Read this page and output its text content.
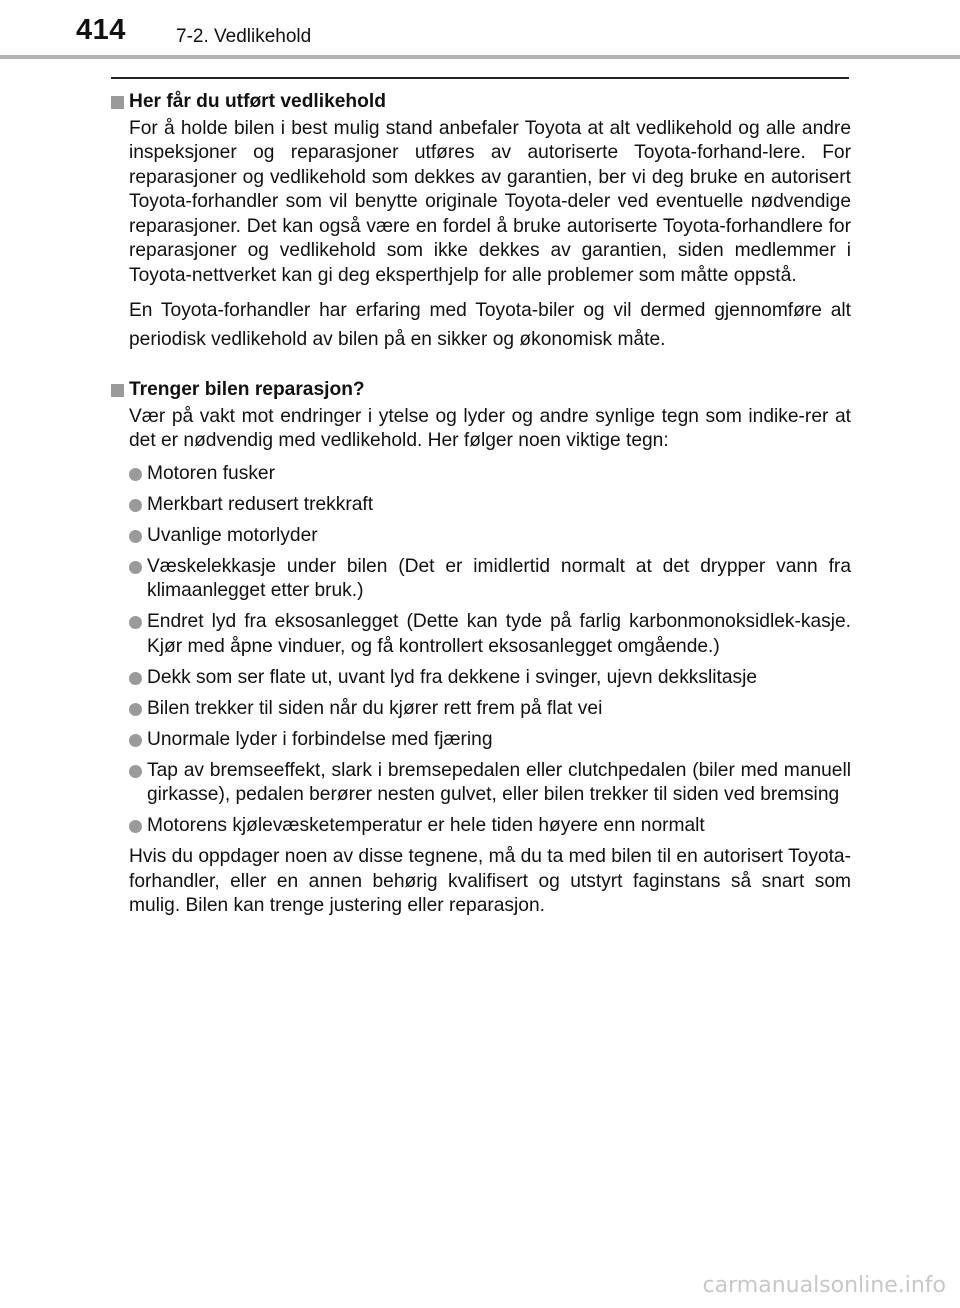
414	7-2. Vedlikehold
Her får du utført vedlikehold

For å holde bilen i best mulig stand anbefaler Toyota at alt vedlikehold og alle andre inspeksjoner og reparasjoner utføres av autoriserte Toyota-forhand-lere. For reparasjoner og vedlikehold som dekkes av garantien, ber vi deg bruke en autorisert Toyota-forhandler som vil benytte originale Toyota-deler ved eventuelle nødvendige reparasjoner. Det kan også være en fordel å bruke autoriserte Toyota-forhandlere for reparasjoner og vedlikehold som ikke dekkes av garantien, siden medlemmer i Toyota-nettverket kan gi deg eksperthjelp for alle problemer som måtte oppstå.

En Toyota-forhandler har erfaring med Toyota-biler og vil dermed gjennomføre alt periodisk vedlikehold av bilen på en sikker og økonomisk måte.

Trenger bilen reparasjon?

Vær på vakt mot endringer i ytelse og lyder og andre synlige tegn som indike-rer at det er nødvendig med vedlikehold. Her følger noen viktige tegn:

Motoren fusker
Merkbart redusert trekkraft
Uvanlige motorlyder
Væskelekkasje under bilen (Det er imidlertid normalt at det drypper vann fra klimaanlegget etter bruk.)
Endret lyd fra eksosanlegget (Dette kan tyde på farlig karbonmonoksidlek-kasje. Kjør med åpne vinduer, og få kontrollert eksosanlegget omgående.)
Dekk som ser flate ut, uvant lyd fra dekkene i svinger, ujevn dekkslitasje
Bilen trekker til siden når du kjører rett frem på flat vei
Unormale lyder i forbindelse med fjæring
Tap av bremseeffekt, slark i bremsepedalen eller clutchpedalen (biler med manuell girkasse), pedalen berører nesten gulvet, eller bilen trekker til siden ved bremsing
Motorens kjølevæsketemperatur er hele tiden høyere enn normalt

Hvis du oppdager noen av disse tegnene, må du ta med bilen til en autorisert Toyota-forhandler, eller en annen behørig kvalifisert og utstyrt faginstans så snart som mulig. Bilen kan trenge justering eller reparasjon.

carmanualsonline.info
